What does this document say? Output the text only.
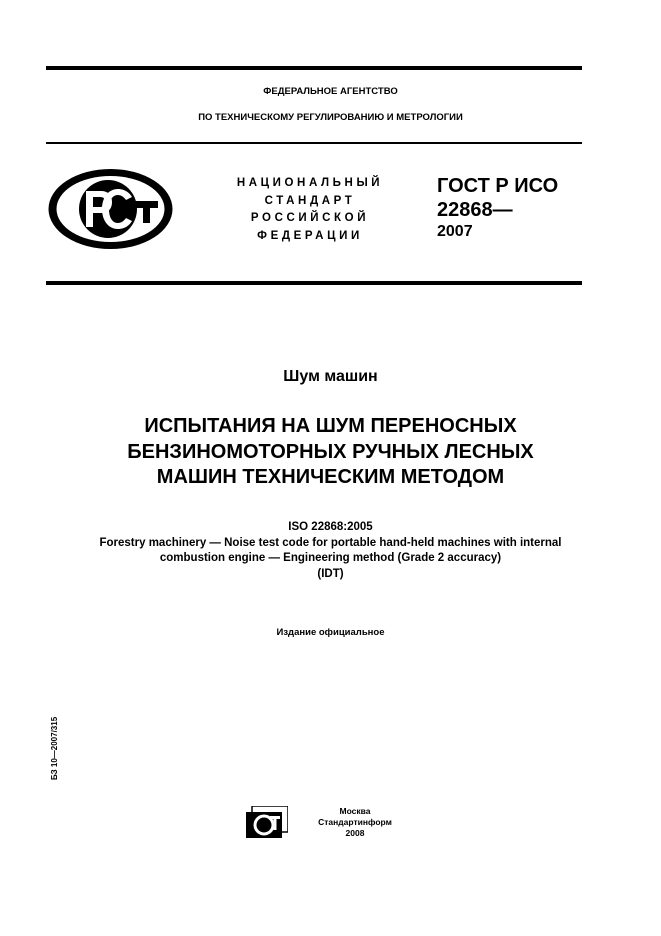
ФЕДЕРАЛЬНОЕ АГЕНТСТВО
ПО ТЕХНИЧЕСКОМУ РЕГУЛИРОВАНИЮ И МЕТРОЛОГИИ
НАЦИОНАЛЬНЫЙ
СТАНДАРТ
РОССИЙСКОЙ
ФЕДЕРАЦИИ
ГОСТ Р ИСО
22868—
2007
Шум машин
ИСПЫТАНИЯ НА ШУМ ПЕРЕНОСНЫХ
БЕНЗИНОМОТОРНЫХ РУЧНЫХ ЛЕСНЫХ
МАШИН ТЕХНИЧЕСКИМ МЕТОДОМ
ISO 22868:2005
Forestry machinery — Noise test code for portable hand-held machines with internal
combustion engine — Engineering method (Grade 2 accuracy)
(IDT)
Издание официальное
БЗ 10—2007/315
Москва
Стандартинформ
2008
